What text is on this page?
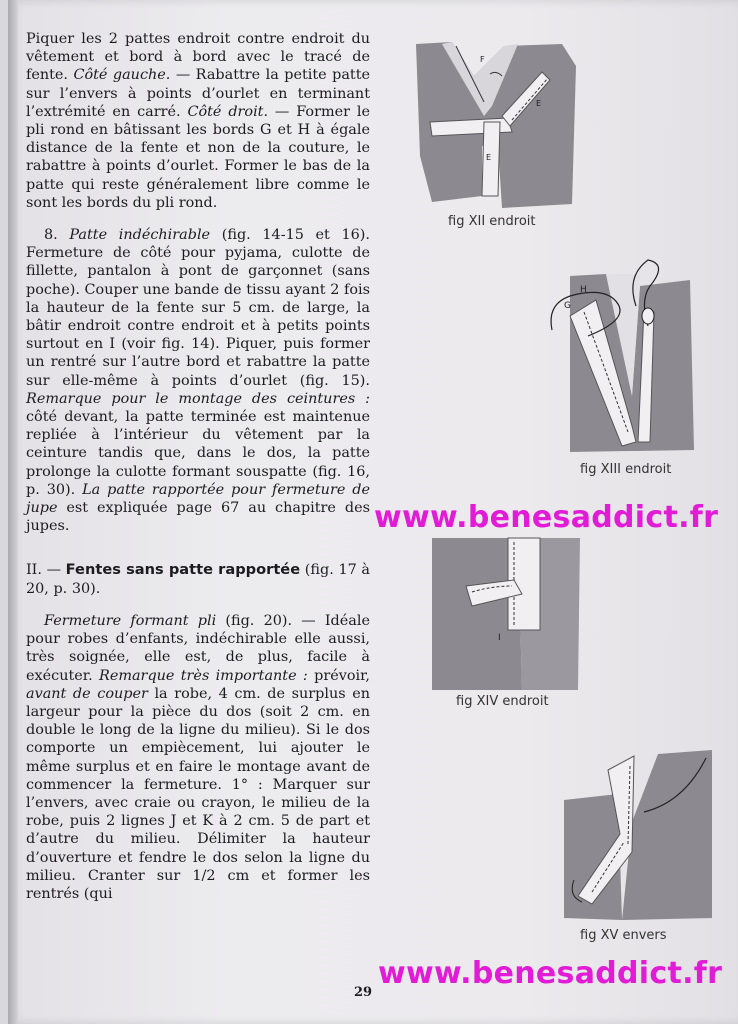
Piquer les 2 pattes endroit contre endroit du vêtement et bord à bord avec le tracé de fente. Côté gauche. — Rabattre la petite patte sur l’envers à points d’ourlet en terminant l’extrémité en carré. Côté droit. — Former le pli rond en bâtissant les bords G et H à égale distance de la fente et non de la couture, le rabattre à points d’ourlet. Former le bas de la patte qui reste généralement libre comme le sont les bords du pli rond.

8. Patte indéchirable (fig. 14-15 et 16). Fermeture de côté pour pyjama, culotte de fillette, pantalon à pont de garçonnet (sans poche). Couper une bande de tissu ayant 2 fois la hauteur de la fente sur 5 cm. de large, la bâtir endroit contre endroit et à petits points surtout en I (voir fig. 14). Piquer, puis former un rentré sur l’autre bord et rabattre la patte sur elle-même à points d’ourlet (fig. 15). Remarque pour le montage des ceintures : côté devant, la patte terminée est maintenue repliée à l’intérieur du vêtement par la ceinture tandis que, dans le dos, la patte prolonge la culotte formant souspatte (fig. 16, p. 30). La patte rapportée pour fermeture de jupe est expliquée page 67 au chapitre des jupes.

II. — Fentes sans patte rapportée (fig. 17 à 20, p. 30).

Fermeture formant pli (fig. 20). — Idéale pour robes d’enfants, indéchirable elle aussi, très soignée, elle est, de plus, facile à exécuter. Remarque très importante : prévoir, avant de couper la robe, 4 cm. de surplus en largeur pour la pièce du dos (soit 2 cm. en double le long de la ligne du milieu). Si le dos comporte un empiècement, lui ajouter le même surplus et en faire le montage avant de commencer la fermeture. 1° : Marquer sur l’envers, avec craie ou crayon, le milieu de la robe, puis 2 lignes J et K à 2 cm. 5 de part et d’autre du milieu. Délimiter la hauteur d’ouverture et fendre le dos selon la ligne du milieu. Cranter sur 1/2 cm et former les rentrés (qui

29
F
E
E
fig XII endroit
G
H
fig XIII endroit
I
fig XIV endroit
fig XV envers
www.benesaddict.fr
www.benesaddict.fr
